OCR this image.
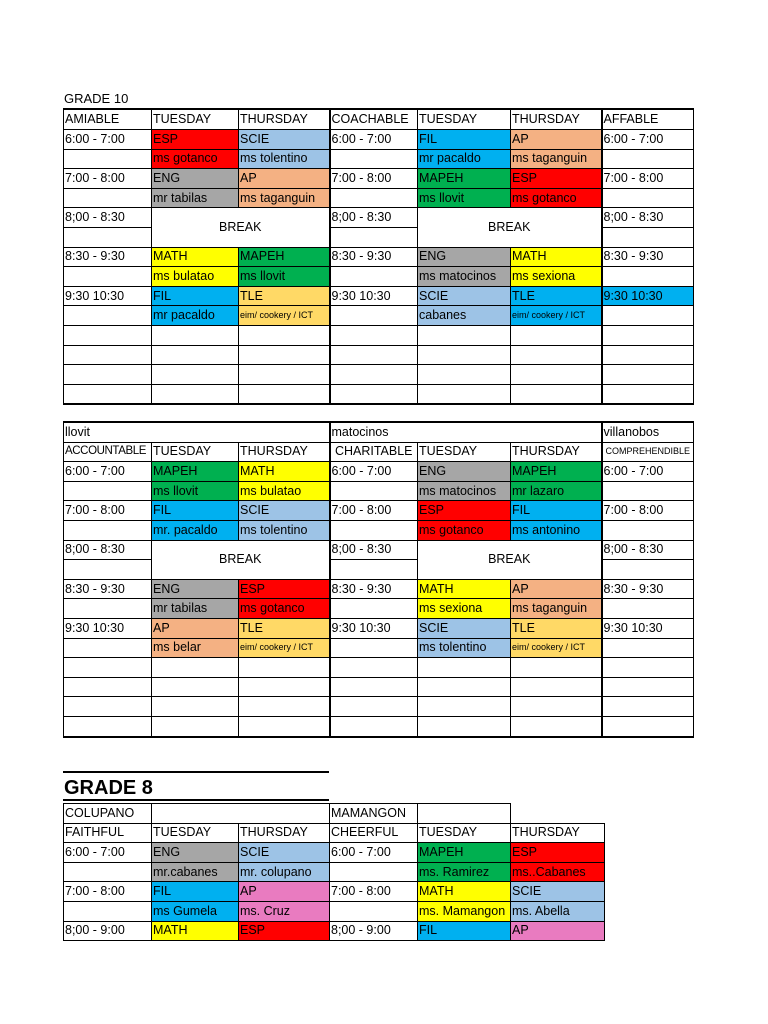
GRADE 10
AMIABLE	TUESDAY	THURSDAY	COACHABLE	TUESDAY	THURSDAY	AFFABLE
6:00 - 7:00	ESP	SCIE	6:00 - 7:00	FIL	AP	6:00 - 7:00
	ms gotanco	ms tolentino		mr pacaldo	ms taganguin	
7:00 - 8:00	ENG	AP	7:00 - 8:00	MAPEH	ESP	7:00 - 8:00
	mr tabilas	ms taganguin		ms llovit	ms gotanco	
8;00 - 8:30	BREAK		8;00 - 8:30	BREAK		8;00 - 8:30

8:30 - 9:30	MATH	MAPEH	8:30 - 9:30	ENG	MATH	8:30 - 9:30
	ms bulatao	ms llovit		ms matocinos	ms sexiona	
9:30 10:30	FIL	TLE	9:30 10:30	SCIE	TLE	9:30 10:30
	mr pacaldo	eim/ cookery / ICT		cabanes	eim/ cookery / ICT	

llovit			matocinos			villanobos
ACCOUNTABLE	TUESDAY	THURSDAY	CHARITABLE	TUESDAY	THURSDAY	COMPREHENDIBLE
6:00 - 7:00	MAPEH	MATH	6:00 - 7:00	ENG	MAPEH	6:00 - 7:00
	ms llovit	ms bulatao		ms matocinos	mr lazaro	
7:00 - 8:00	FIL	SCIE	7:00 - 8:00	ESP	FIL	7:00 - 8:00
	mr. pacaldo	ms tolentino		ms gotanco	ms antonino	
8;00 - 8:30	BREAK		8;00 - 8:30	BREAK		8;00 - 8:30

8:30 - 9:30	ENG	ESP	8:30 - 9:30	MATH	AP	8:30 - 9:30
	mr tabilas	ms gotanco		ms sexiona	ms taganguin	
9:30 10:30	AP	TLE	9:30 10:30	SCIE	TLE	9:30 10:30
	ms belar	eim/ cookery / ICT		ms tolentino	eim/ cookery / ICT	

GRADE 8
COLUPANO			MAMANGON		
FAITHFUL	TUESDAY	THURSDAY	CHEERFUL	TUESDAY	THURSDAY
6:00 - 7:00	ENG	SCIE	6:00 - 7:00	MAPEH	ESP
	mr.cabanes	mr. colupano		ms. Ramirez	ms..Cabanes
7:00 - 8:00	FIL	AP	7:00 - 8:00	MATH	SCIE
	ms Gumela	ms. Cruz		ms. Mamangon	ms. Abella
8;00 - 9:00	MATH	ESP	8;00 - 9:00	FIL	AP
